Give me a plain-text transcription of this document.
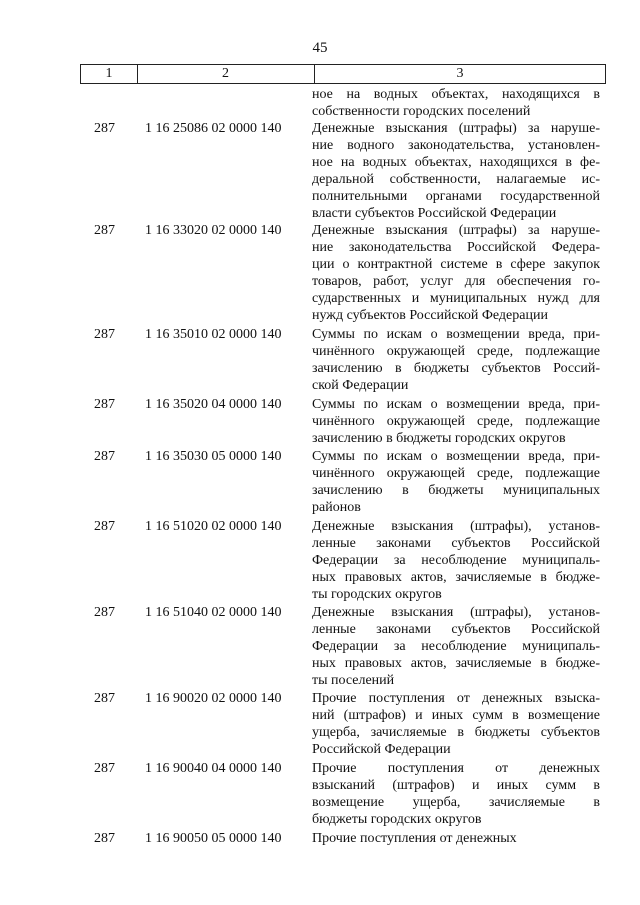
45
1	2	3
ное на водных объектах, находящихся в
собственности городских поселений
287	1 16 25086 02 0000 140	Денежные взыскания (штрафы) за наруше-
ние водного законодательства, установлен-
ное на водных объектах, находящихся в фе-
деральной собственности, налагаемые ис-
полнительными органами государственной
власти субъектов Российской Федерации
287	1 16 33020 02 0000 140	Денежные взыскания (штрафы) за наруше-
ние законодательства Российской Федера-
ции о контрактной системе в сфере закупок
товаров, работ, услуг для обеспечения го-
сударственных и муниципальных нужд для
нужд субъектов Российской Федерации
287	1 16 35010 02 0000 140	Суммы по искам о возмещении вреда, при-
чинённого окружающей среде, подлежащие
зачислению в бюджеты субъектов Россий-
ской Федерации
287	1 16 35020 04 0000 140	Суммы по искам о возмещении вреда, при-
чинённого окружающей среде, подлежащие
зачислению в бюджеты городских округов
287	1 16 35030 05 0000 140	Суммы по искам о возмещении вреда, при-
чинённого окружающей среде, подлежащие
зачислению в бюджеты муниципальных
районов
287	1 16 51020 02 0000 140	Денежные взыскания (штрафы), установ-
ленные законами субъектов Российской
Федерации за несоблюдение муниципаль-
ных правовых актов, зачисляемые в бюдже-
ты городских округов
287	1 16 51040 02 0000 140	Денежные взыскания (штрафы), установ-
ленные законами субъектов Российской
Федерации за несоблюдение муниципаль-
ных правовых актов, зачисляемые в бюдже-
ты поселений
287	1 16 90020 02 0000 140	Прочие поступления от денежных взыска-
ний (штрафов) и иных сумм в возмещение
ущерба, зачисляемые в бюджеты субъектов
Российской Федерации
287	1 16 90040 04 0000 140	Прочие поступления от денежных
взысканий (штрафов) и иных сумм в
возмещение ущерба, зачисляемые в
бюджеты городских округов
287	1 16 90050 05 0000 140	Прочие поступления от денежных
